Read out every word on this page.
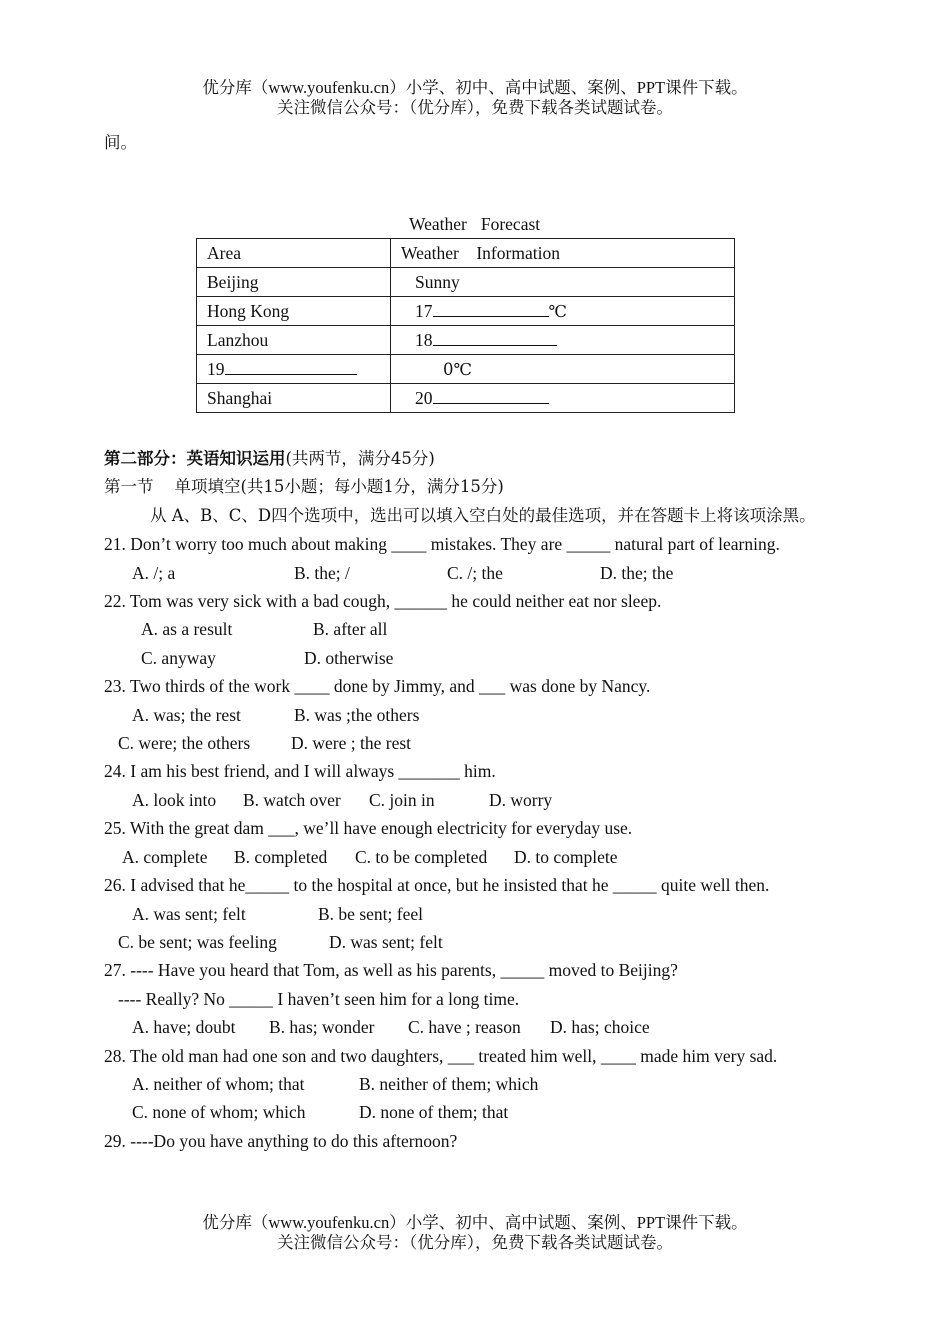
优分库（www.youfenku.cn）小学、初中、高中试题、案例、PPT课件下载。
关注微信公众号：（优分库），免费下载各类试题试卷。
间。
Weather Forecast
Area	Weather    Information
Beijing	Sunny
Hong Kong	17 ℃
Lanzhou	18
19	0℃
Shanghai	20

第二部分：英语知识运用(共两节，满分45分)

第一节    单项填空(共15小题；每小题1分，满分15分)

从 A、B、C、D四个选项中，选出可以填入空白处的最佳选项，并在答题卡上将该项涂黑。

21. Don’t worry too much about making ____ mistakes. They are _____ natural part of learning.

A. /; a	B. the; /	C. /; the	D. the; the

22. Tom was very sick with a bad cough, ______ he could neither eat nor sleep.

A. as a result	B. after all

C. anyway	D. otherwise

23. Two thirds of the work ____ done by Jimmy, and ___ was done by Nancy.

A. was; the rest	B. was ;the others

C. were; the others D. were ; the rest

24. I am his best friend, and I will always _______ him.

A. look into B. watch over C. join in	D. worry

25. With the great dam ___, we’ll have enough electricity for everyday use.

A. complete B. completed C. to be completed D. to complete

26. I advised that he_____ to the hospital at once, but he insisted that he _____ quite well then.

A. was sent; felt	B. be sent; feel

C. be sent; was feeling	D. was sent; felt

27. ---- Have you heard that Tom, as well as his parents, _____ moved to Beijing?

---- Really? No _____ I haven’t seen him for a long time.

A. have; doubt B. has; wonder C. have ; reason D. has; choice

28. The old man had one son and two daughters, ___ treated him well, ____ made him very sad.

A. neither of whom; that	B. neither of them; which

C. none of whom; which	D. none of them; that

29. ----Do you have anything to do this afternoon?

优分库（www.youfenku.cn）小学、初中、高中试题、案例、PPT课件下载。
关注微信公众号：（优分库），免费下载各类试题试卷。
